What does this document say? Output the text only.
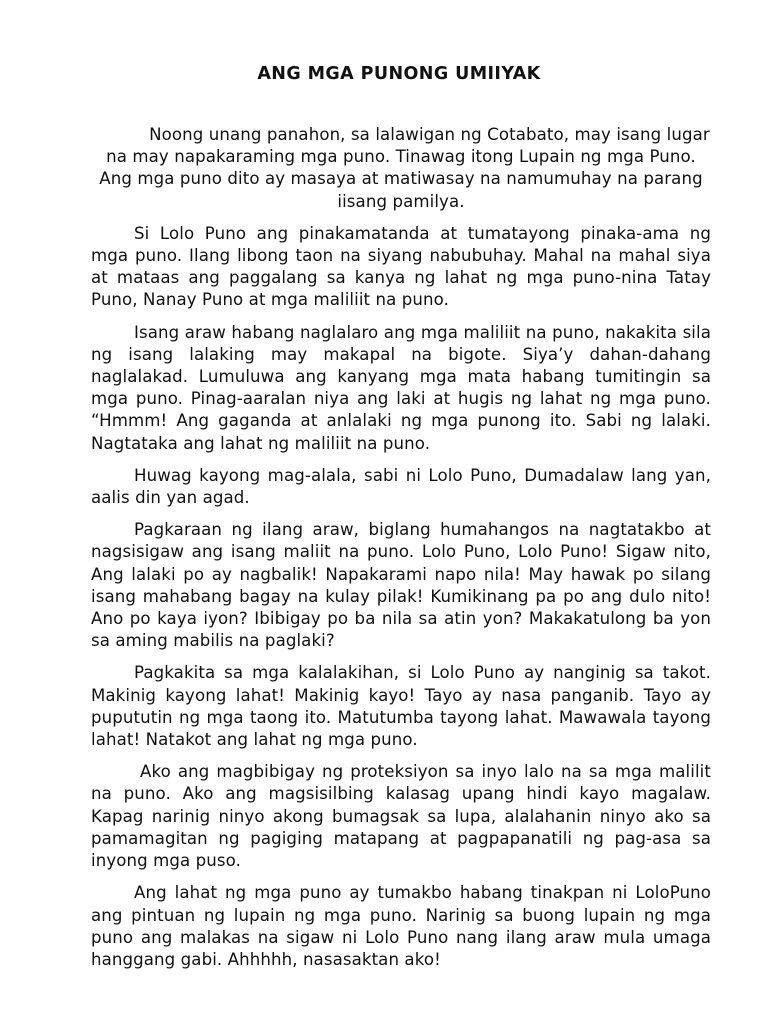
ANG MGA PUNONG UMIIYAK

Noong unang panahon, sa lalawigan ng Cotabato, may isang lugar na may napakaraming mga puno. Tinawag itong Lupain ng mga Puno. Ang mga puno dito ay masaya at matiwasay na namumuhay na parang iisang pamilya.

Si Lolo Puno ang pinakamatanda at tumatayong pinaka-ama ng mga puno. Ilang libong taon na siyang nabubuhay. Mahal na mahal siya at mataas ang paggalang sa kanya ng lahat ng mga puno-nina Tatay Puno, Nanay Puno at mga maliliit na puno.

Isang araw habang naglalaro ang mga maliliit na puno, nakakita sila ng isang lalaking may makapal na bigote. Siya’y dahan-dahang naglalakad. Lumuluwa ang kanyang mga mata habang tumitingin sa mga puno. Pinag-aaralan niya ang laki at hugis ng lahat ng mga puno. “Hmmm! Ang gaganda at anlalaki ng mga punong ito. Sabi ng lalaki. Nagtataka ang lahat ng maliliit na puno.

Huwag kayong mag-alala, sabi ni Lolo Puno, Dumadalaw lang yan, aalis din yan agad.

Pagkaraan ng ilang araw, biglang humahangos na nagtatakbo at nagsisigaw ang isang maliit na puno. Lolo Puno, Lolo Puno! Sigaw nito, Ang lalaki po ay nagbalik! Napakarami napo nila! May hawak po silang isang mahabang bagay na kulay pilak! Kumikinang pa po ang dulo nito! Ano po kaya iyon? Ibibigay po ba nila sa atin yon? Makakatulong ba yon sa aming mabilis na paglaki?

Pagkakita sa mga kalalakihan, si Lolo Puno ay nanginig sa takot. Makinig kayong lahat! Makinig kayo! Tayo ay nasa panganib. Tayo ay pupututin ng mga taong ito. Matutumba tayong lahat. Mawawala tayong lahat! Natakot ang lahat ng mga puno.

Ako ang magbibigay ng proteksiyon sa inyo lalo na sa mga malilit na puno. Ako ang magsisilbing kalasag upang hindi kayo magalaw. Kapag narinig ninyo akong bumagsak sa lupa, alalahanin ninyo ako sa pamamagitan ng pagiging matapang at pagpapanatili ng pag-asa sa inyong mga puso.

Ang lahat ng mga puno ay tumakbo habang tinakpan ni LoloPuno ang pintuan ng lupain ng mga puno. Narinig sa buong lupain ng mga puno ang malakas na sigaw ni Lolo Puno nang ilang araw mula umaga hanggang gabi. Ahhhhh, nasasaktan ako!
